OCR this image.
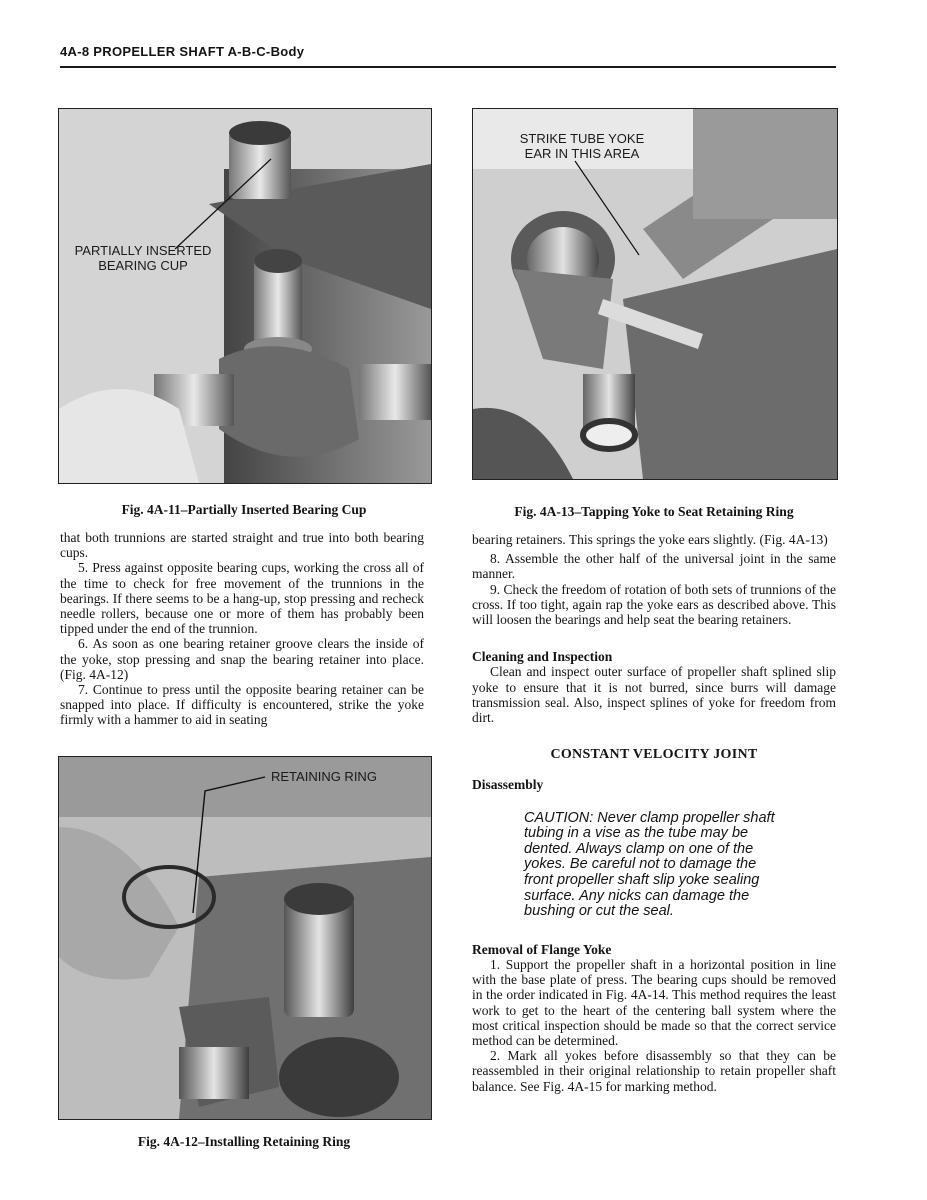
4A-8 PROPELLER SHAFT A-B-C-Body
PARTIALLY INSERTED
BEARING CUP
Fig. 4A-11–Partially Inserted Bearing Cup
STRIKE TUBE YOKE
EAR IN THIS AREA
Fig. 4A-13–Tapping Yoke to Seat Retaining Ring

that both trunnions are started straight and true into both bearing cups.

5. Press against opposite bearing cups, working the cross all of the time to check for free movement of the trunnions in the bearings. If there seems to be a hang-up, stop pressing and recheck needle rollers, because one or more of them has probably been tipped under the end of the trunnion.

6. As soon as one bearing retainer groove clears the inside of the yoke, stop pressing and snap the bearing retainer into place. (Fig. 4A-12)

7. Continue to press until the opposite bearing retainer can be snapped into place. If difficulty is encountered, strike the yoke firmly with a hammer to aid in seating

RETAINING RING
Fig. 4A-12–Installing Retaining Ring

bearing retainers. This springs the yoke ears slightly. (Fig. 4A-13)

8. Assemble the other half of the universal joint in the same manner.

9. Check the freedom of rotation of both sets of trunnions of the cross. If too tight, again rap the yoke ears as described above. This will loosen the bearings and help seat the bearing retainers.

Cleaning and Inspection

Clean and inspect outer surface of propeller shaft splined slip yoke to ensure that it is not burred, since burrs will damage transmission seal. Also, inspect splines of yoke for freedom from dirt.

CONSTANT VELOCITY JOINT

Disassembly

CAUTION: Never clamp propeller shaft tubing in a vise as the tube may be dented. Always clamp on one of the yokes. Be careful not to damage the front propeller shaft slip yoke sealing surface. Any nicks can damage the bushing or cut the seal.

Removal of Flange Yoke

1. Support the propeller shaft in a horizontal position in line with the base plate of press. The bearing cups should be removed in the order indicated in Fig. 4A-14. This method requires the least work to get to the heart of the centering ball system where the most critical inspection should be made so that the correct service method can be determined.

2. Mark all yokes before disassembly so that they can be reassembled in their original relationship to retain propeller shaft balance. See Fig. 4A-15 for marking method.
